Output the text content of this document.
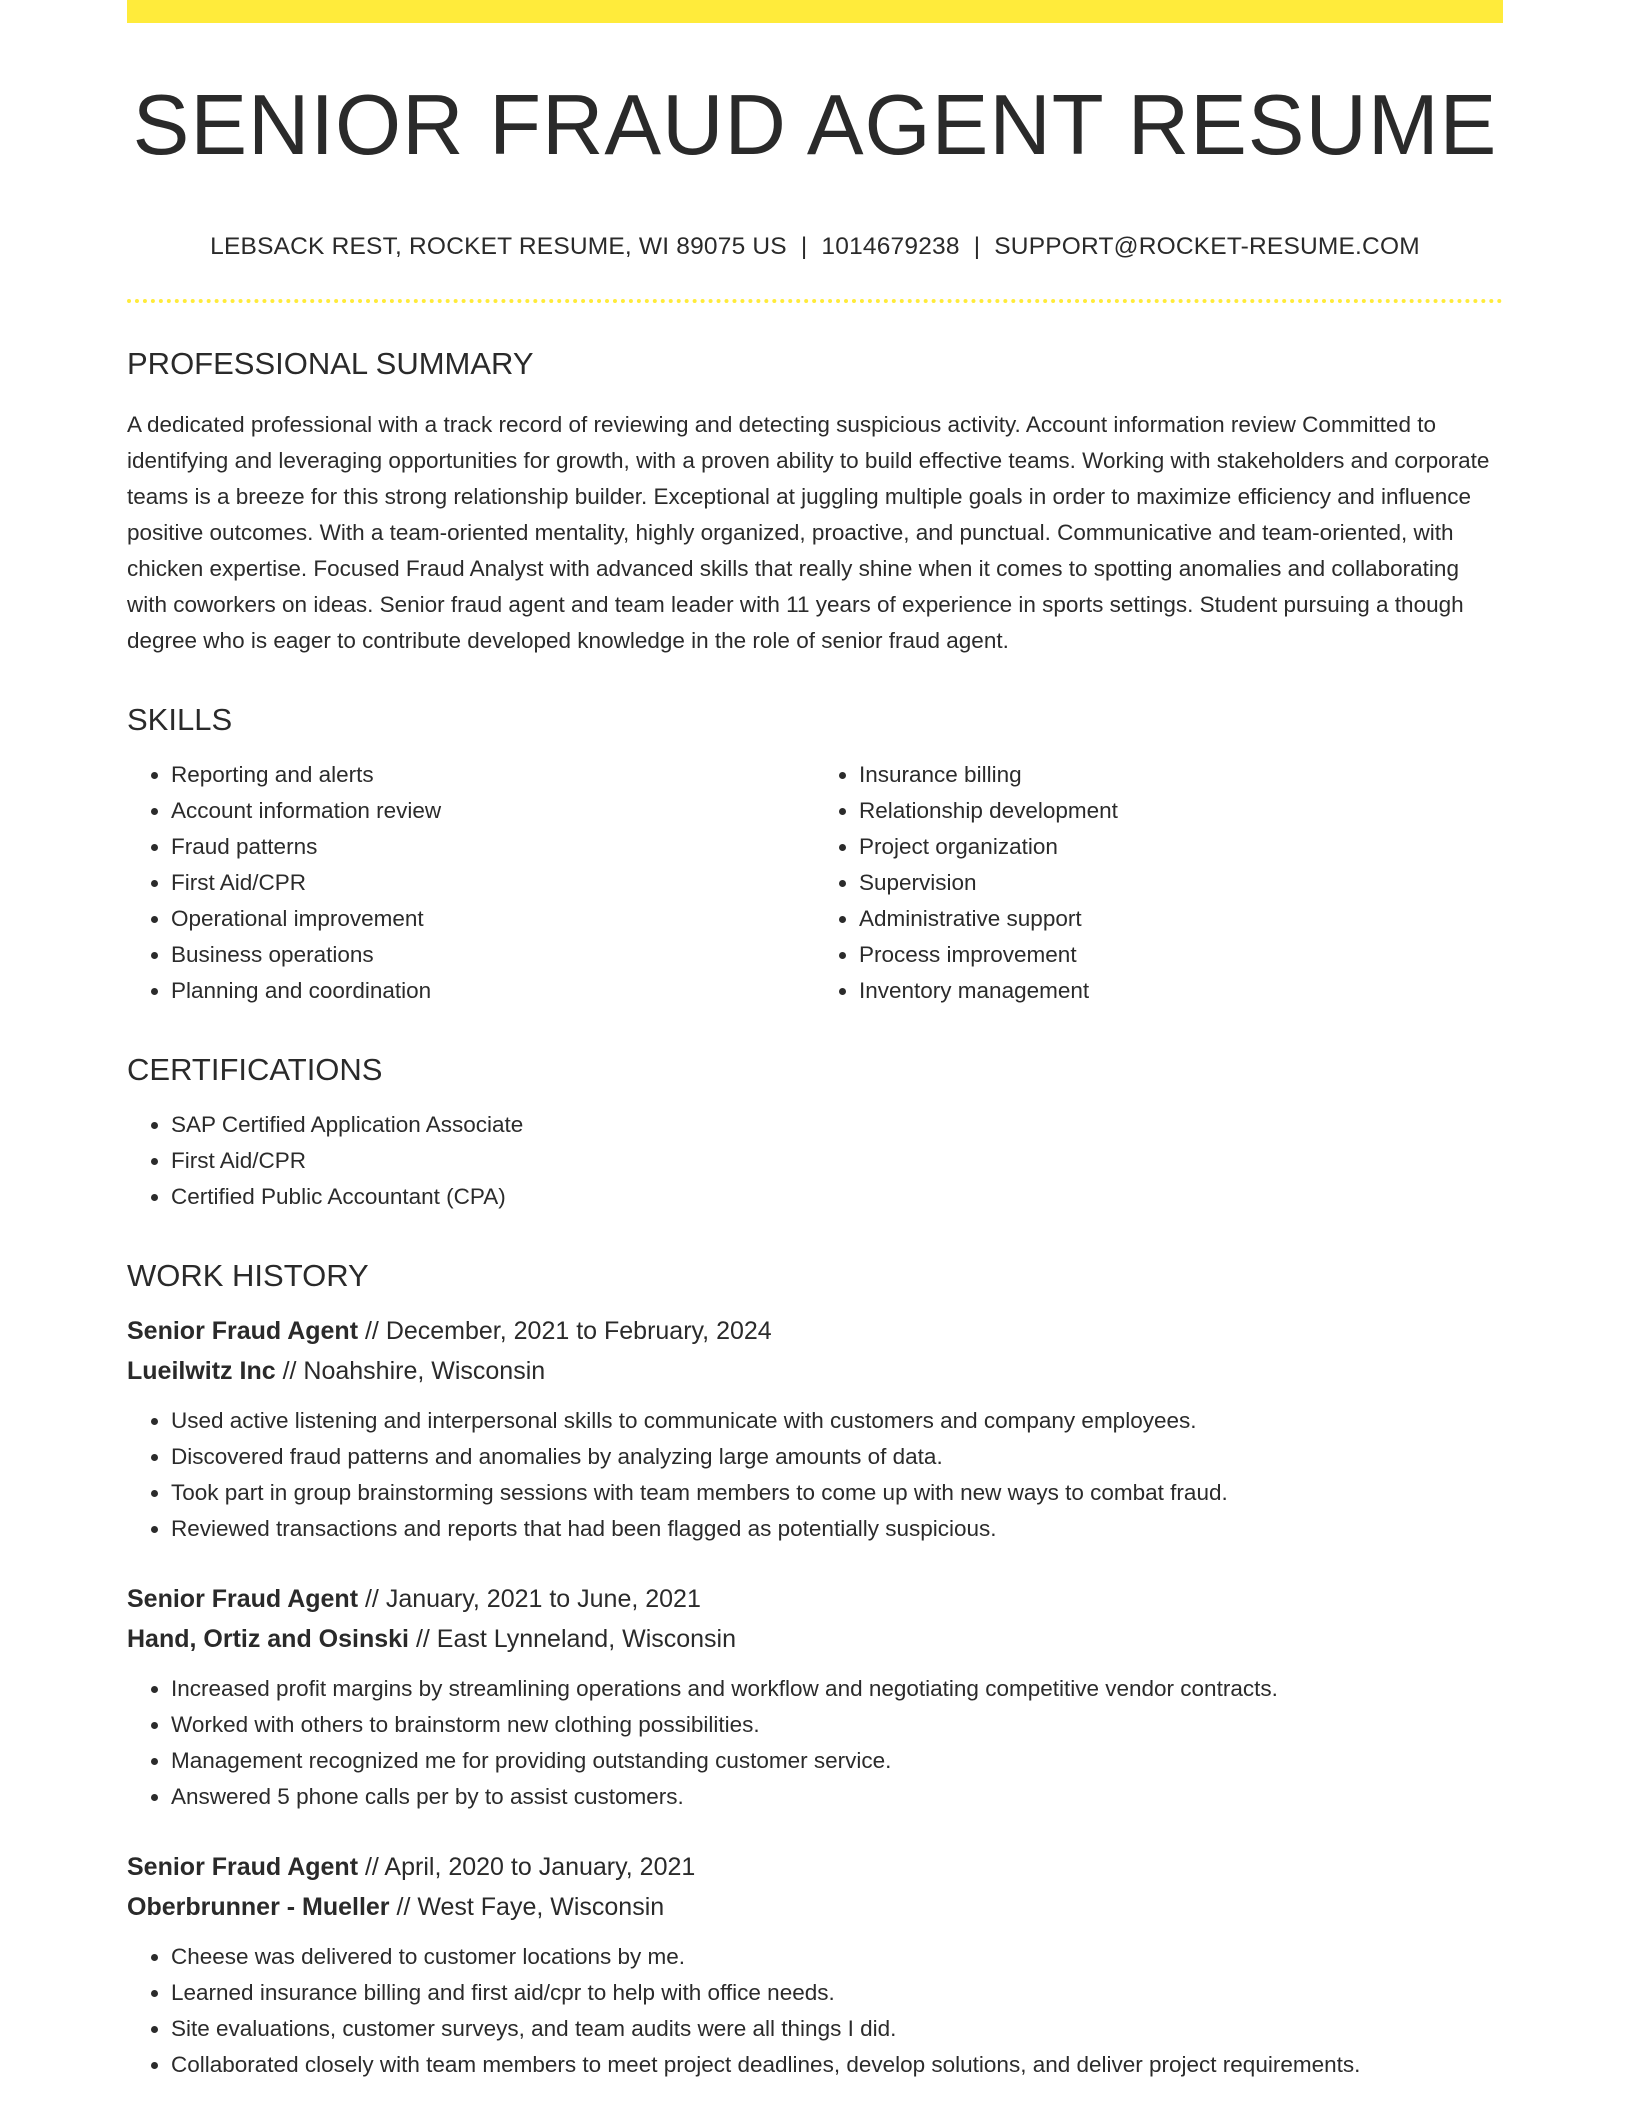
SENIOR FRAUD AGENT RESUME
LEBSACK REST, ROCKET RESUME, WI 89075 US | 1014679238 | SUPPORT@ROCKET-RESUME.COM
PROFESSIONAL SUMMARY
A dedicated professional with a track record of reviewing and detecting suspicious activity. Account information review Committed to identifying and leveraging opportunities for growth, with a proven ability to build effective teams. Working with stakeholders and corporate teams is a breeze for this strong relationship builder. Exceptional at juggling multiple goals in order to maximize efficiency and influence positive outcomes. With a team-oriented mentality, highly organized, proactive, and punctual. Communicative and team-oriented, with chicken expertise. Focused Fraud Analyst with advanced skills that really shine when it comes to spotting anomalies and collaborating with coworkers on ideas. Senior fraud agent and team leader with 11 years of experience in sports settings. Student pursuing a though degree who is eager to contribute developed knowledge in the role of senior fraud agent.
SKILLS
• Reporting and alerts
• Account information review
• Fraud patterns
• First Aid/CPR
• Operational improvement
• Business operations
• Planning and coordination
• Insurance billing
• Relationship development
• Project organization
• Supervision
• Administrative support
• Process improvement
• Inventory management
CERTIFICATIONS
• SAP Certified Application Associate
• First Aid/CPR
• Certified Public Accountant (CPA)
WORK HISTORY
Senior Fraud Agent // December, 2021 to February, 2024
Lueilwitz Inc // Noahshire, Wisconsin
• Used active listening and interpersonal skills to communicate with customers and company employees.
• Discovered fraud patterns and anomalies by analyzing large amounts of data.
• Took part in group brainstorming sessions with team members to come up with new ways to combat fraud.
• Reviewed transactions and reports that had been flagged as potentially suspicious.
Senior Fraud Agent // January, 2021 to June, 2021
Hand, Ortiz and Osinski // East Lynneland, Wisconsin
• Increased profit margins by streamlining operations and workflow and negotiating competitive vendor contracts.
• Worked with others to brainstorm new clothing possibilities.
• Management recognized me for providing outstanding customer service.
• Answered 5 phone calls per by to assist customers.
Senior Fraud Agent // April, 2020 to January, 2021
Oberbrunner - Mueller // West Faye, Wisconsin
• Cheese was delivered to customer locations by me.
• Learned insurance billing and first aid/cpr to help with office needs.
• Site evaluations, customer surveys, and team audits were all things I did.
• Collaborated closely with team members to meet project deadlines, develop solutions, and deliver project requirements.
